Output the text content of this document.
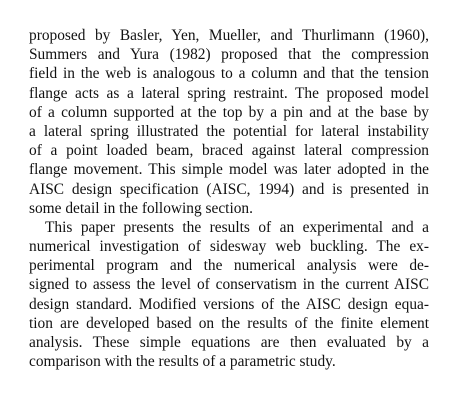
proposed by Basler, Yen, Mueller, and Thurlimann (1960),
Summers and Yura (1982) proposed that the compression
field in the web is analogous to a column and that the tension
flange acts as a lateral spring restraint. The proposed model
of a column supported at the top by a pin and at the base by
a lateral spring illustrated the potential for lateral instability
of a point loaded beam, braced against lateral compression
flange movement. This simple model was later adopted in the
AISC design specification (AISC, 1994) and is presented in
some detail in the following section.

This paper presents the results of an experimental and a
numerical investigation of sidesway web buckling. The ex-
perimental program and the numerical analysis were de-
signed to assess the level of conservatism in the current AISC
design standard. Modified versions of the AISC design equa-
tion are developed based on the results of the finite element
analysis. These simple equations are then evaluated by a
comparison with the results of a parametric study.
